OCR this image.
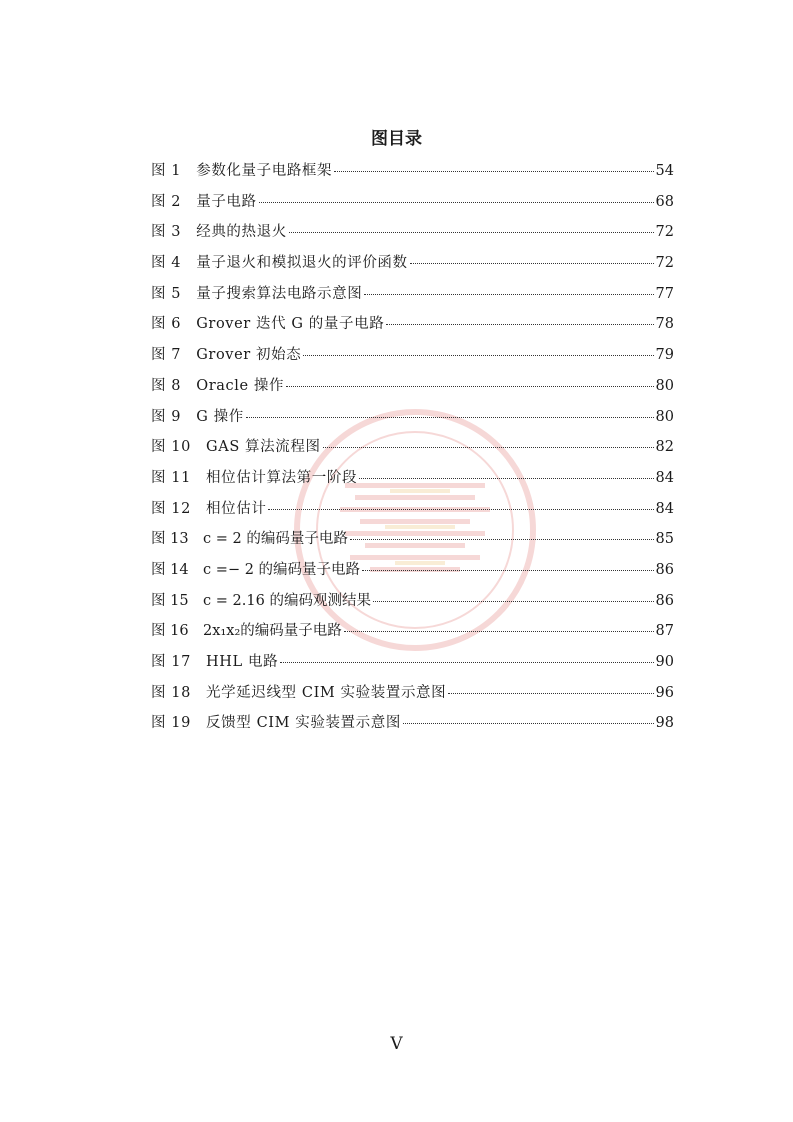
图目录
图 1　参数化量子电路框架	54
图 2　量子电路	68
图 3　经典的热退火	72
图 4　量子退火和模拟退火的评价函数	72
图 5　量子搜索算法电路示意图	77
图 6　Grover 迭代 G 的量子电路	78
图 7　Grover 初始态	79
图 8　Oracle 操作	80
图 9　G 操作	80
图 10　GAS 算法流程图	82
图 11　相位估计算法第一阶段	84
图 12　相位估计	84
图 13　c = 2 的编码量子电路	85
图 14　c =− 2 的编码量子电路	86
图 15　c = 2.16 的编码观测结果	86
图 16　2x₁x₂的编码量子电路	87
图 17　HHL 电路	90
图 18　光学延迟线型 CIM 实验装置示意图	96
图 19　反馈型 CIM 实验装置示意图	98
V
